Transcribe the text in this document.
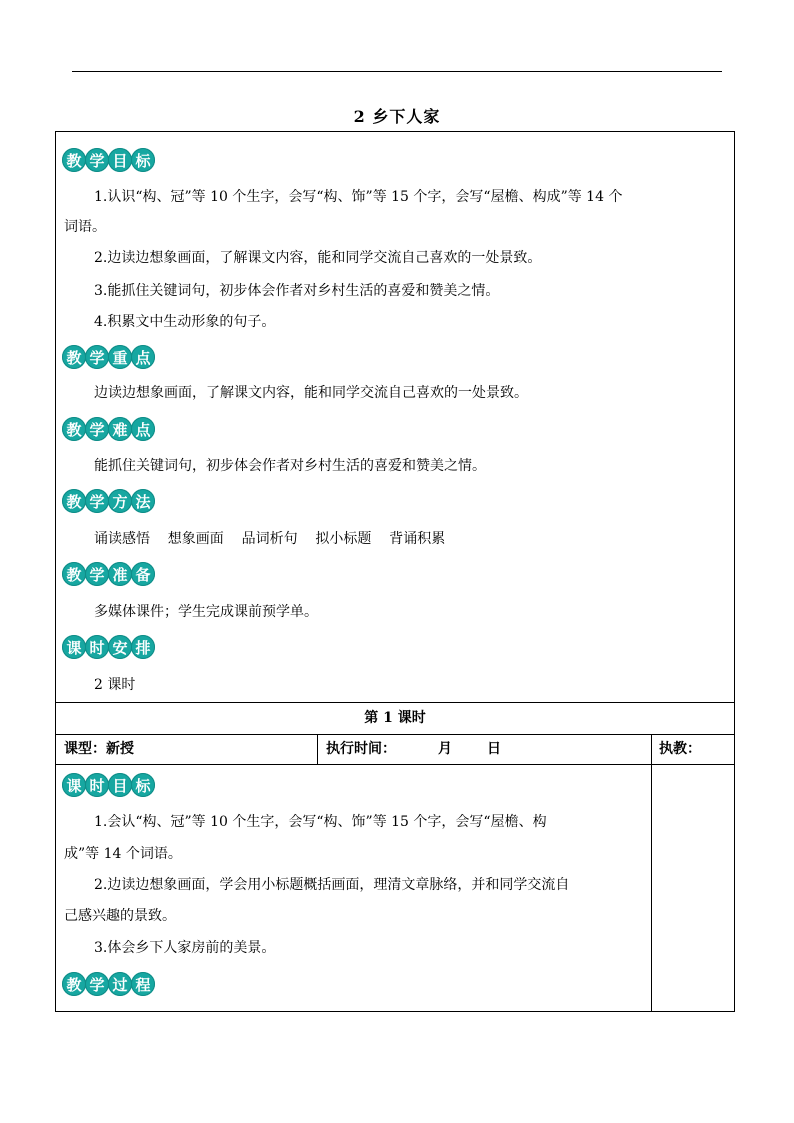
2 乡下人家
教 学 目 标
1.认识“构、冠”等 10 个生字，会写“构、饰”等 15 个字，会写“屋檐、构成”等 14 个
词语。
2.边读边想象画面，了解课文内容，能和同学交流自己喜欢的一处景致。
3.能抓住关键词句，初步体会作者对乡村生活的喜爱和赞美之情。
4.积累文中生动形象的句子。
教 学 重 点
边读边想象画面，了解课文内容，能和同学交流自己喜欢的一处景致。
教 学 难 点
能抓住关键词句，初步体会作者对乡村生活的喜爱和赞美之情。
教 学 方 法
诵读感悟    想象画面    品词析句    拟小标题    背诵积累
教 学 准 备
多媒体课件；学生完成课前预学单。
课 时 安 排
2 课时
第 1 课时
课型：新授	执行时间：	月	日	执教：
课 时 目 标
1.会认“构、冠”等 10 个生字，会写“构、饰”等 15 个字，会写“屋檐、构
成”等 14 个词语。
2.边读边想象画面，学会用小标题概括画面，理清文章脉络，并和同学交流自
己感兴趣的景致。
3.体会乡下人家房前的美景。
教 学 过 程
